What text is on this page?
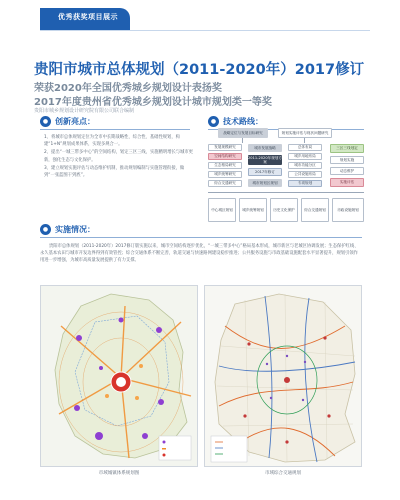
优秀获奖项目展示
贵阳市城市总体规划（2011-2020年）2017修订
荣获2020年全国优秀城乡规划设计表扬奖
2017年度贵州省优秀城乡规划设计城市规划类一等奖
贵阳市城乡规划设计研究院有限公司联合编制
● 创新亮点：

1、将城市总体规划定位为全市中长期战略性、综合性、基础性规划，构建“1+N”规划成果体系，实现多规合一。

2、提出“一城三带多中心”的空间结构，划定三区三线，实施精明增长与城市更新，强化生态与文化保护。

3、建立规划实施评估与动态维护机制，推动规划编制与实施管理衔接，做到“一张蓝图干到底”。

● 技术路线：
战略定位与发展目标研究	规划实施评估与现状问题研究
发展规模研究
空间结构研究
生态格局研究
城乡统筹研究
综合交通研究
城市发展战略
2011-2020年规划方案
2017年修订
城市规划区规划
总体布局
城乡用地布局
城市功能分区
公共设施布局
专项规划
三区三线划定
规划实施
动态维护
实施评估
中心城区规划	城乡统筹规划	历史文化保护	综合交通规划	市政设施规划
● 实施情况：
贵阳市总体规划（2011-2020年）2017修订版实施以来，城市空间结构逐步优化，“一城三带多中心”格局基本形成，城市新区与老城区协调发展；生态保护红线、永久基本农田与城市开发边界得到有效管控；综合交通体系不断完善，轨道交通与快速路网建设稳步推进；公共服务设施与市政基础设施配套水平显著提升，规划引领作用进一步增强，为城市高质量发展提供了有力支撑。
市域城镇体系规划图	市域综合交通规划
